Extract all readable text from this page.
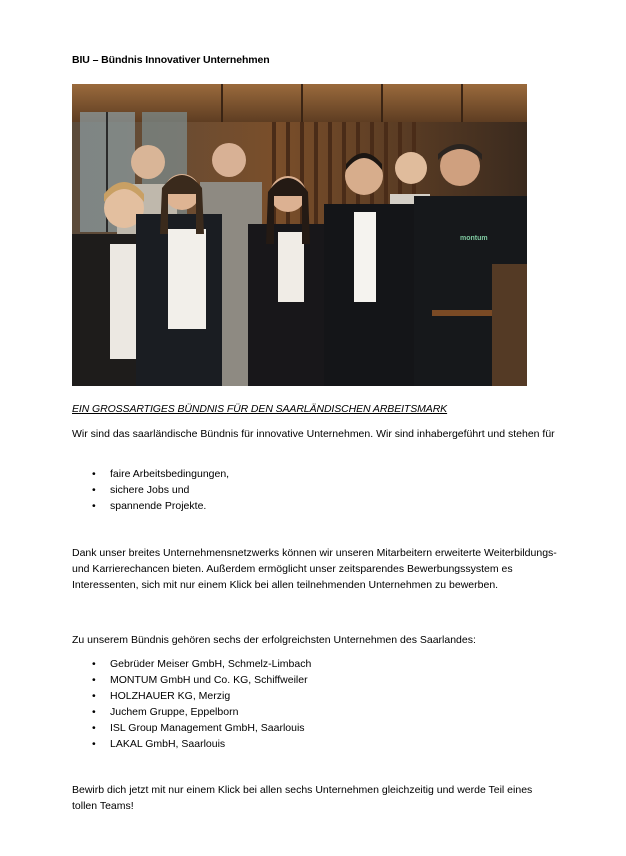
BIU – Bündnis Innovativer Unternehmen
montum
EIN GROSSARTIGES BÜNDNIS FÜR DEN SAARLÄNDISCHEN ARBEITSMARK

Wir sind das saarländische Bündnis für innovative Unternehmen. Wir sind inhabergeführt und stehen für

• faire Arbeitsbedingungen,
• sichere Jobs und
• spannende Projekte.

Dank unser breites Unternehmensnetzwerks können wir unseren Mitarbeitern erweiterte Weiterbildungs- und Karrierechancen bieten. Außerdem ermöglicht unser zeitsparendes Bewerbungssystem es Interessenten, sich mit nur einem Klick bei allen teilnehmenden Unternehmen zu bewerben.

Zu unserem Bündnis gehören sechs der erfolgreichsten Unternehmen des Saarlandes:

• Gebrüder Meiser GmbH, Schmelz-Limbach
• MONTUM GmbH und Co. KG, Schiffweiler
• HOLZHAUER KG, Merzig
• Juchem Gruppe, Eppelborn
• ISL Group Management GmbH, Saarlouis
• LAKAL GmbH, Saarlouis

Bewirb dich jetzt mit nur einem Klick bei allen sechs Unternehmen gleichzeitig und werde Teil eines tollen Teams!
